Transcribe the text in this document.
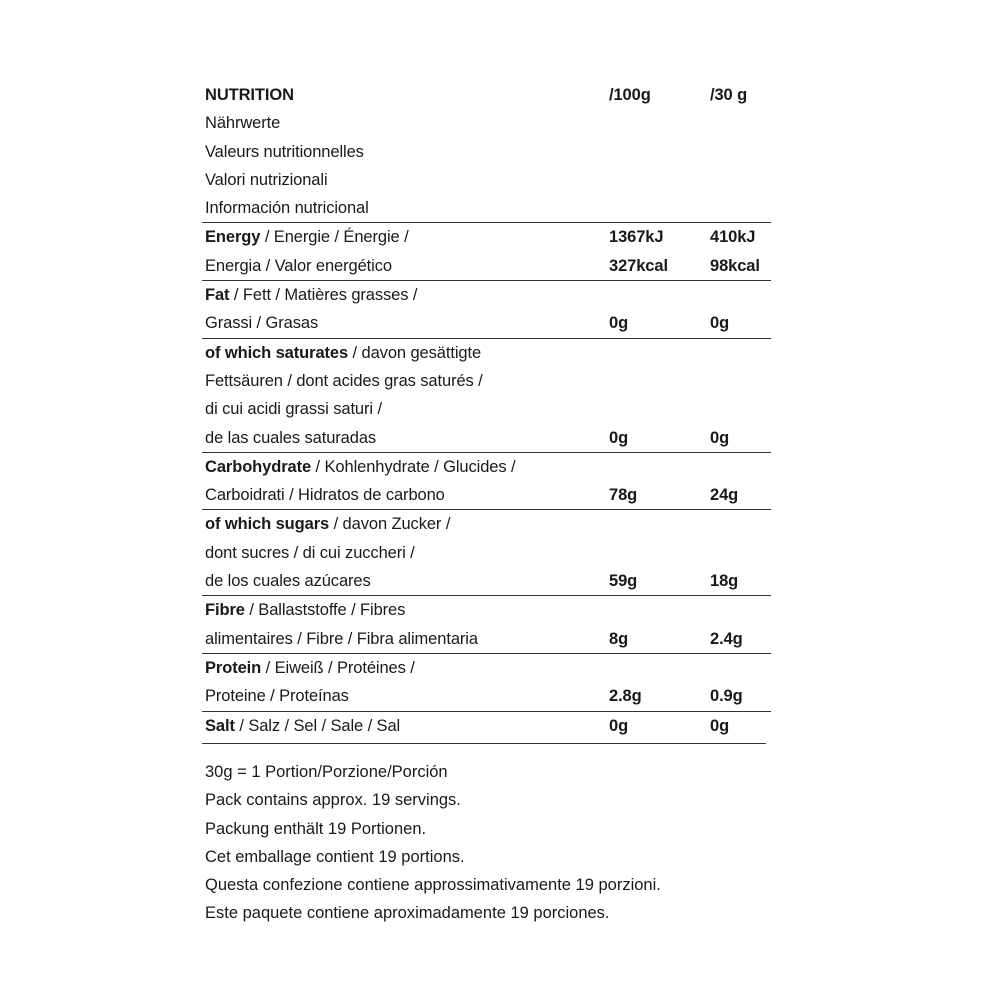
NUTRITION	/100g	/30 g
Nährwerte
Valeurs nutritionnelles
Valori nutrizionali
Información nutricional
Energy / Energie / Énergie /	1367kJ	410kJ
Energia / Valor energético	327kcal	98kcal
Fat / Fett / Matières grasses /
Grassi / Grasas	0g	0g
of which saturates / davon gesättigte
Fettsäuren / dont acides gras saturés /
di cui acidi grassi saturi /
de las cuales saturadas	0g	0g
Carbohydrate / Kohlenhydrate / Glucides /
Carboidrati / Hidratos de carbono	78g	24g
of which sugars / davon Zucker /
dont sucres / di cui zuccheri /
de los cuales azúcares	59g	18g
Fibre / Ballaststoffe / Fibres
alimentaires / Fibre / Fibra alimentaria	8g	2.4g
Protein / Eiweiß / Protéines /
Proteine / Proteínas	2.8g	0.9g
Salt / Salz / Sel / Sale / Sal	0g	0g
30g = 1 Portion/Porzione/Porción
Pack contains approx. 19 servings.
Packung enthält 19 Portionen.
Cet emballage contient 19 portions.
Questa confezione contiene approssimativamente 19 porzioni.
Este paquete contiene aproximadamente 19 porciones.
